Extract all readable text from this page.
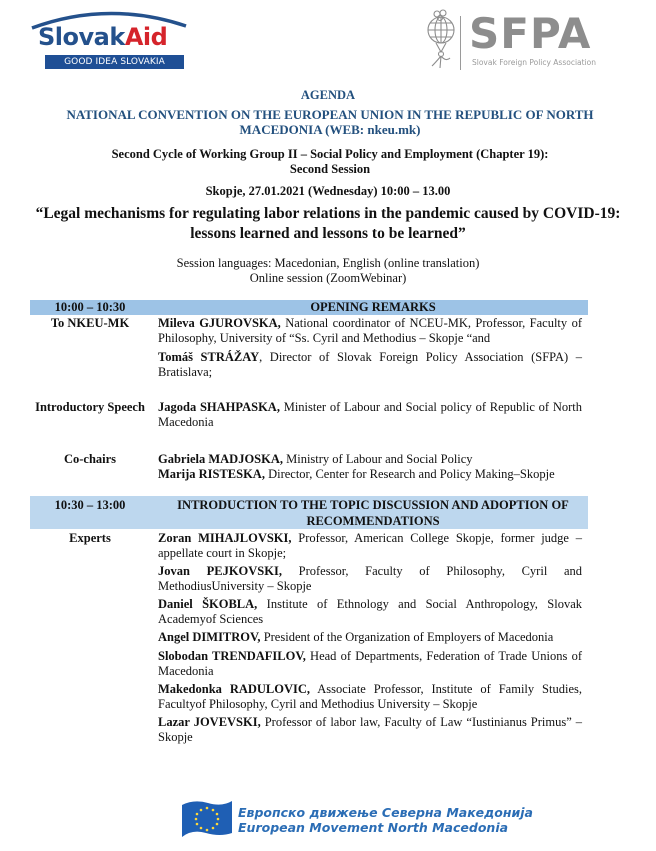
SlovakAid
GOOD IDEA SLOVAKIA
SFPA
Slovak Foreign Policy Association
AGENDA
NATIONAL CONVENTION ON THE EUROPEAN UNION IN THE REPUBLIC OF NORTH MACEDONIA (WEB: nkeu.mk)
Second Cycle of Working Group II – Social Policy and Employment (Chapter 19):
Second Session
Skopje, 27.01.2021 (Wednesday) 10:00 – 13.00
“Legal mechanisms for regulating labor relations in the pandemic caused by COVID-19: lessons learned and lessons to be learned”
Session languages: Macedonian, English (online translation)
Online session (ZoomWebinar)
10:00 – 10:30	OPENING REMARKS
To NKEU-MK	Mileva GJUROVSKA, National coordinator of NCEU-MK, Professor, Faculty of Philosophy, University of “Ss. Cyril and Methodius – Skopje “and
Tomáš STRÁŽAY, Director of Slovak Foreign Policy Association (SFPA) – Bratislava;
Introductory Speech	Jagoda SHAHPASKA, Minister of Labour and Social policy of Republic of North Macedonia
Co-chairs	Gabriela MADJOSKA, Ministry of Labour and Social Policy
Marija RISTESKA, Director, Center for Research and Policy Making–Skopje
10:30 – 13:00	INTRODUCTION TO THE TOPIC DISCUSSION AND ADOPTION OF RECOMMENDATIONS
Experts	Zoran MIHAJLOVSKI, Professor, American College Skopje, former judge – appellate court in Skopje;
Jovan PEJKOVSKI, Professor, Faculty of Philosophy, Cyril and MethodiusUniversity – Skopje
Daniel ŠKOBLA, Institute of Ethnology and Social Anthropology, Slovak Academyof Sciences
Angel DIMITROV, President of the Organization of Employers of Macedonia
Slobodan TRENDAFILOV, Head of Departments, Federation of Trade Unions of Macedonia
Makedonka RADULOVIC, Associate Professor, Institute of Family Studies, Facultyof Philosophy, Cyril and Methodius University – Skopje
Lazar JOVEVSKI, Professor of labor law, Faculty of Law “Iustinianus Primus” – Skopje
Европско движење Северна Македонија
European Movement North Macedonia
